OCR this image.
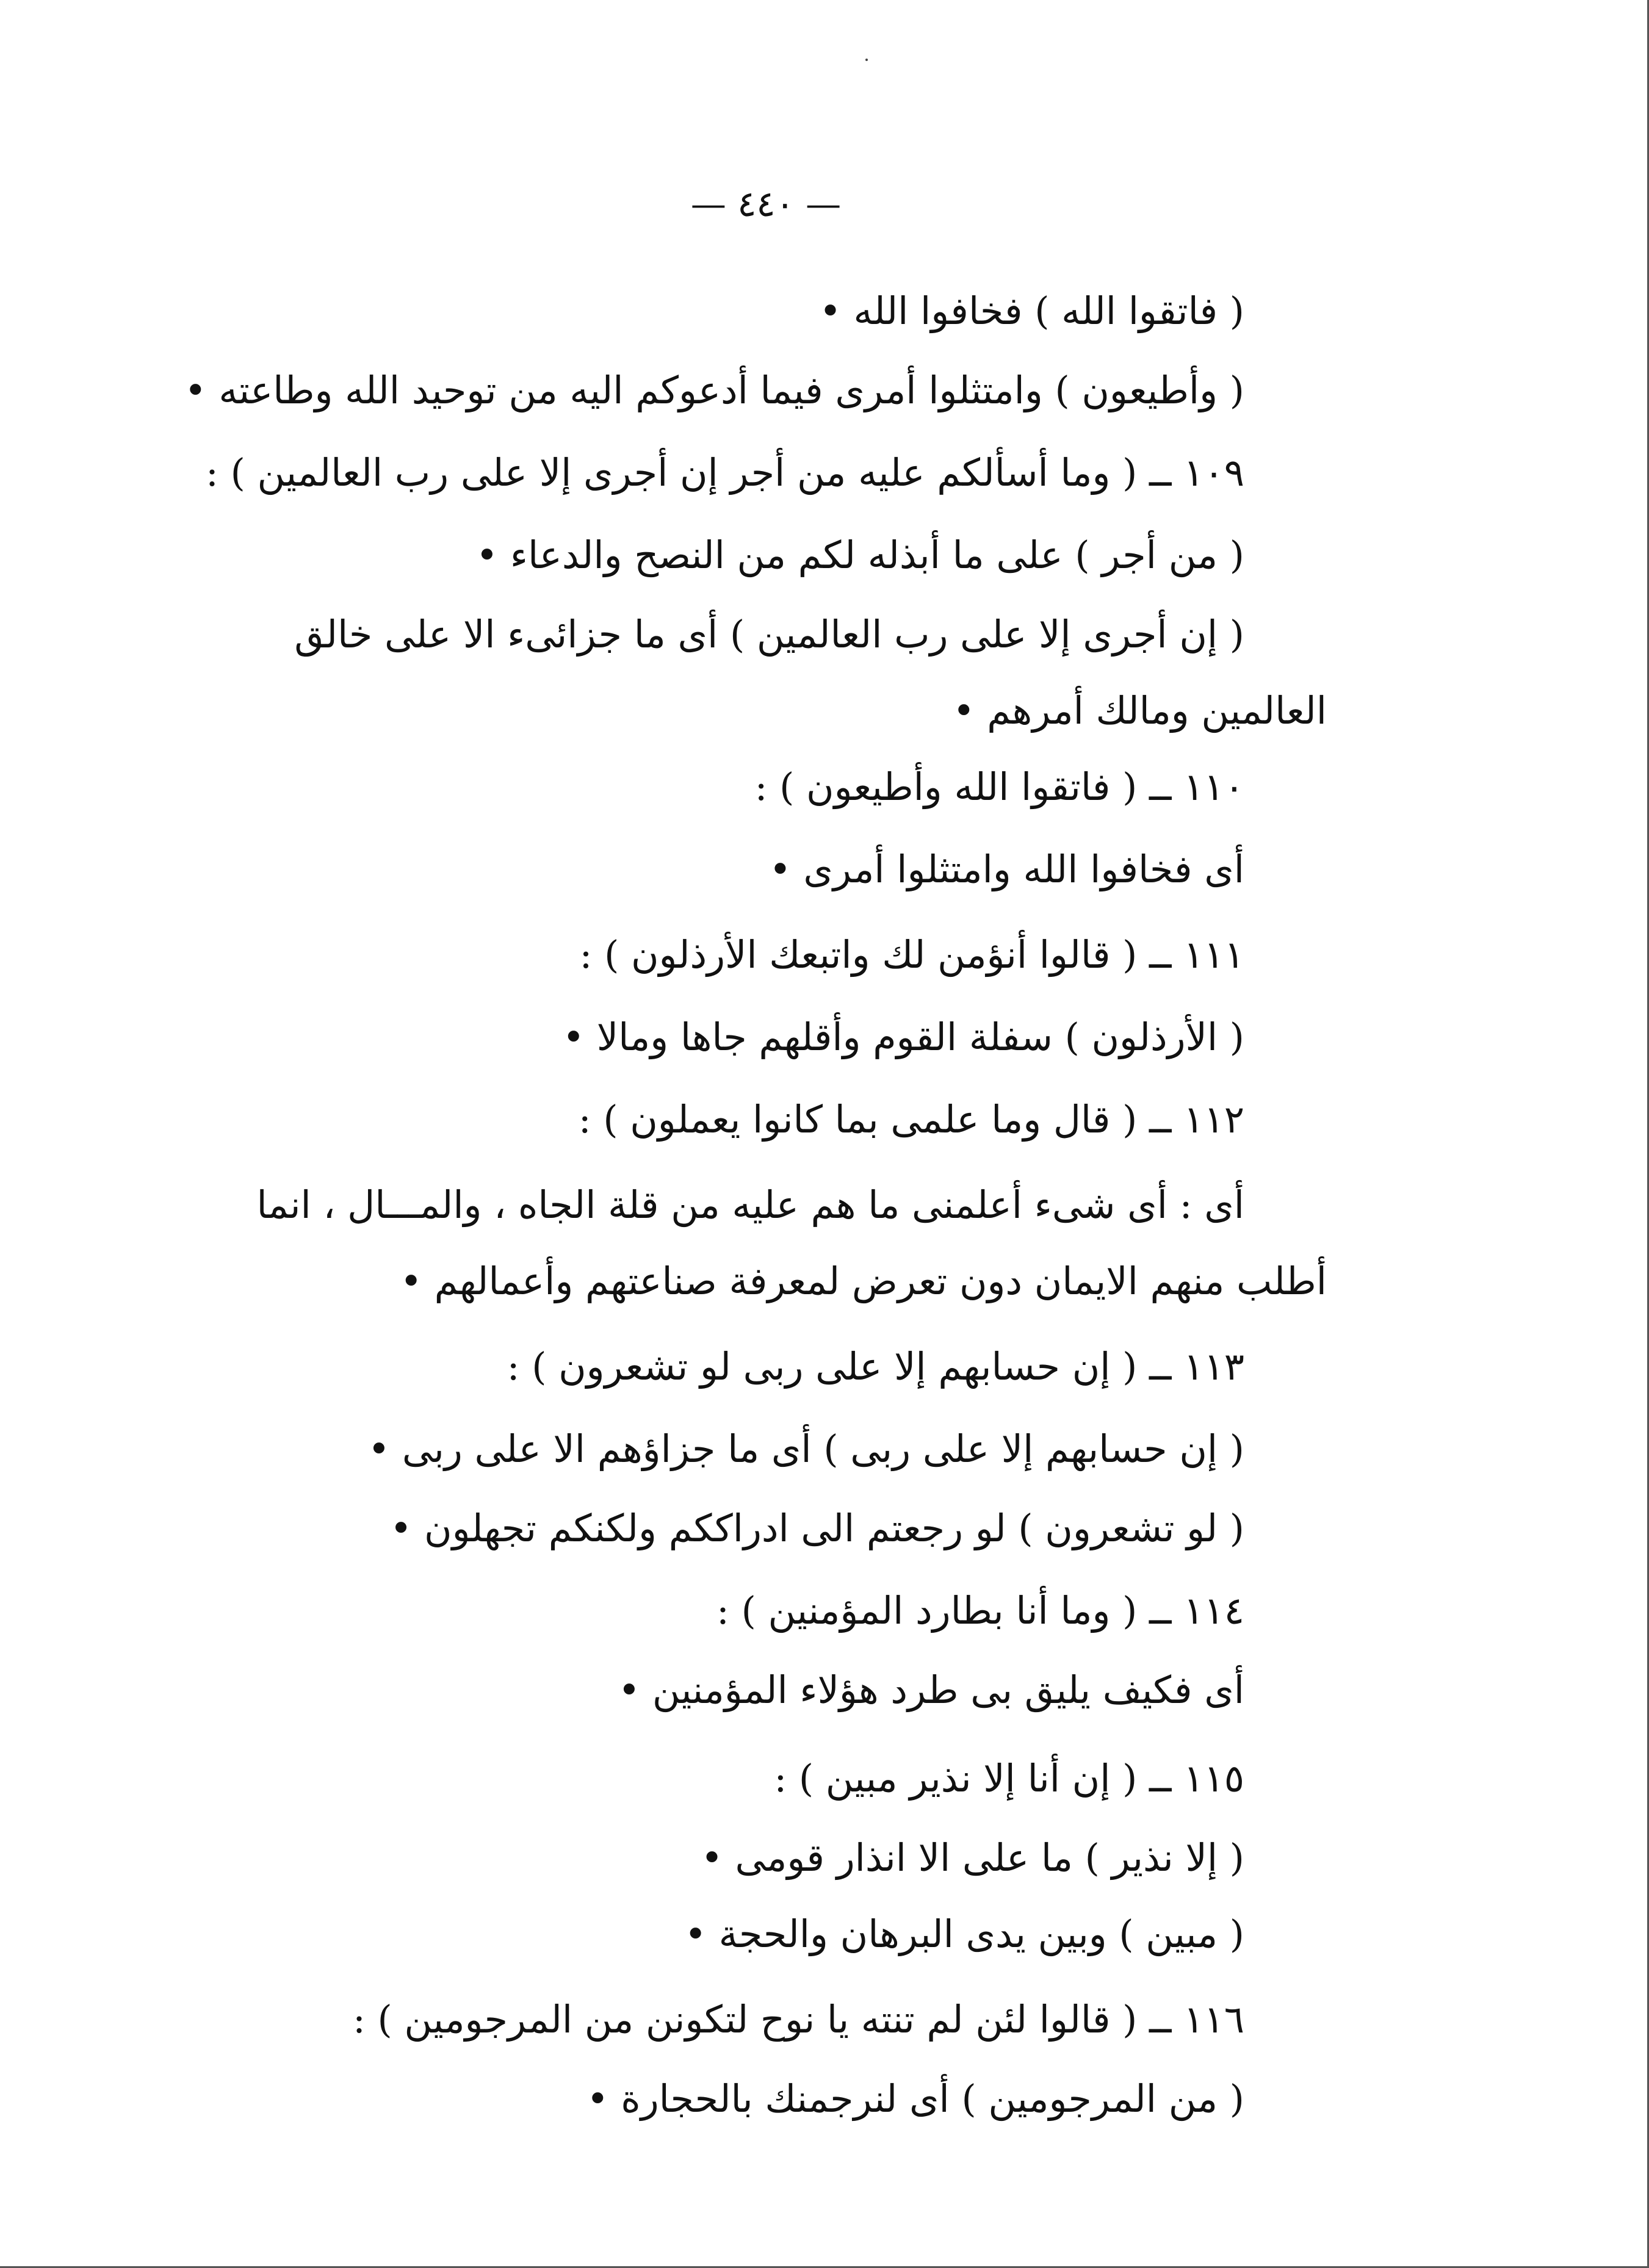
— ٤٤٠ —
( فاتقوا الله ) فخافوا الله •
( وأطيعون ) وامتثلوا أمرى فيما أدعوكم اليه من توحيد الله وطاعته •
١٠٩ ــ ( وما أسألكم عليه من أجر إن أجرى إلا على رب العالمين ) :
( من أجر ) على ما أبذله لكم من النصح والدعاء •
( إن أجرى إلا على رب العالمين ) أى ما جزائىء الا على خالق
العالمين ومالك أمرهم •
١١٠ ــ ( فاتقوا الله وأطيعون ) :
أى فخافوا الله وامتثلوا أمرى •
١١١ ــ ( قالوا أنؤمن لك واتبعك الأرذلون ) :
( الأرذلون ) سفلة القوم وأقلهم جاها ومالا •
١١٢ ــ ( قال وما علمى بما كانوا يعملون ) :
أى : أى شىء أعلمنى ما هم عليه من قلة الجاه ، والمـــال ، انما
أطلب منهم الايمان دون تعرض لمعرفة صناعتهم وأعمالهم •
١١٣ ــ ( إن حسابهم إلا على ربى لو تشعرون ) :
( إن حسابهم إلا على ربى ) أى ما جزاؤهم الا على ربى •
( لو تشعرون ) لو رجعتم الى ادراككم ولكنكم تجهلون •
١١٤ ــ ( وما أنا بطارد المؤمنين ) :
أى فكيف يليق بى طرد هؤلاء المؤمنين •
١١٥ ــ ( إن أنا إلا نذير مبين ) :
( إلا نذير ) ما على الا انذار قومى •
( مبين ) وبين يدى البرهان والحجة •
١١٦ ــ ( قالوا لئن لم تنته يا نوح لتكونن من المرجومين ) :
( من المرجومين ) أى لنرجمنك بالحجارة •
